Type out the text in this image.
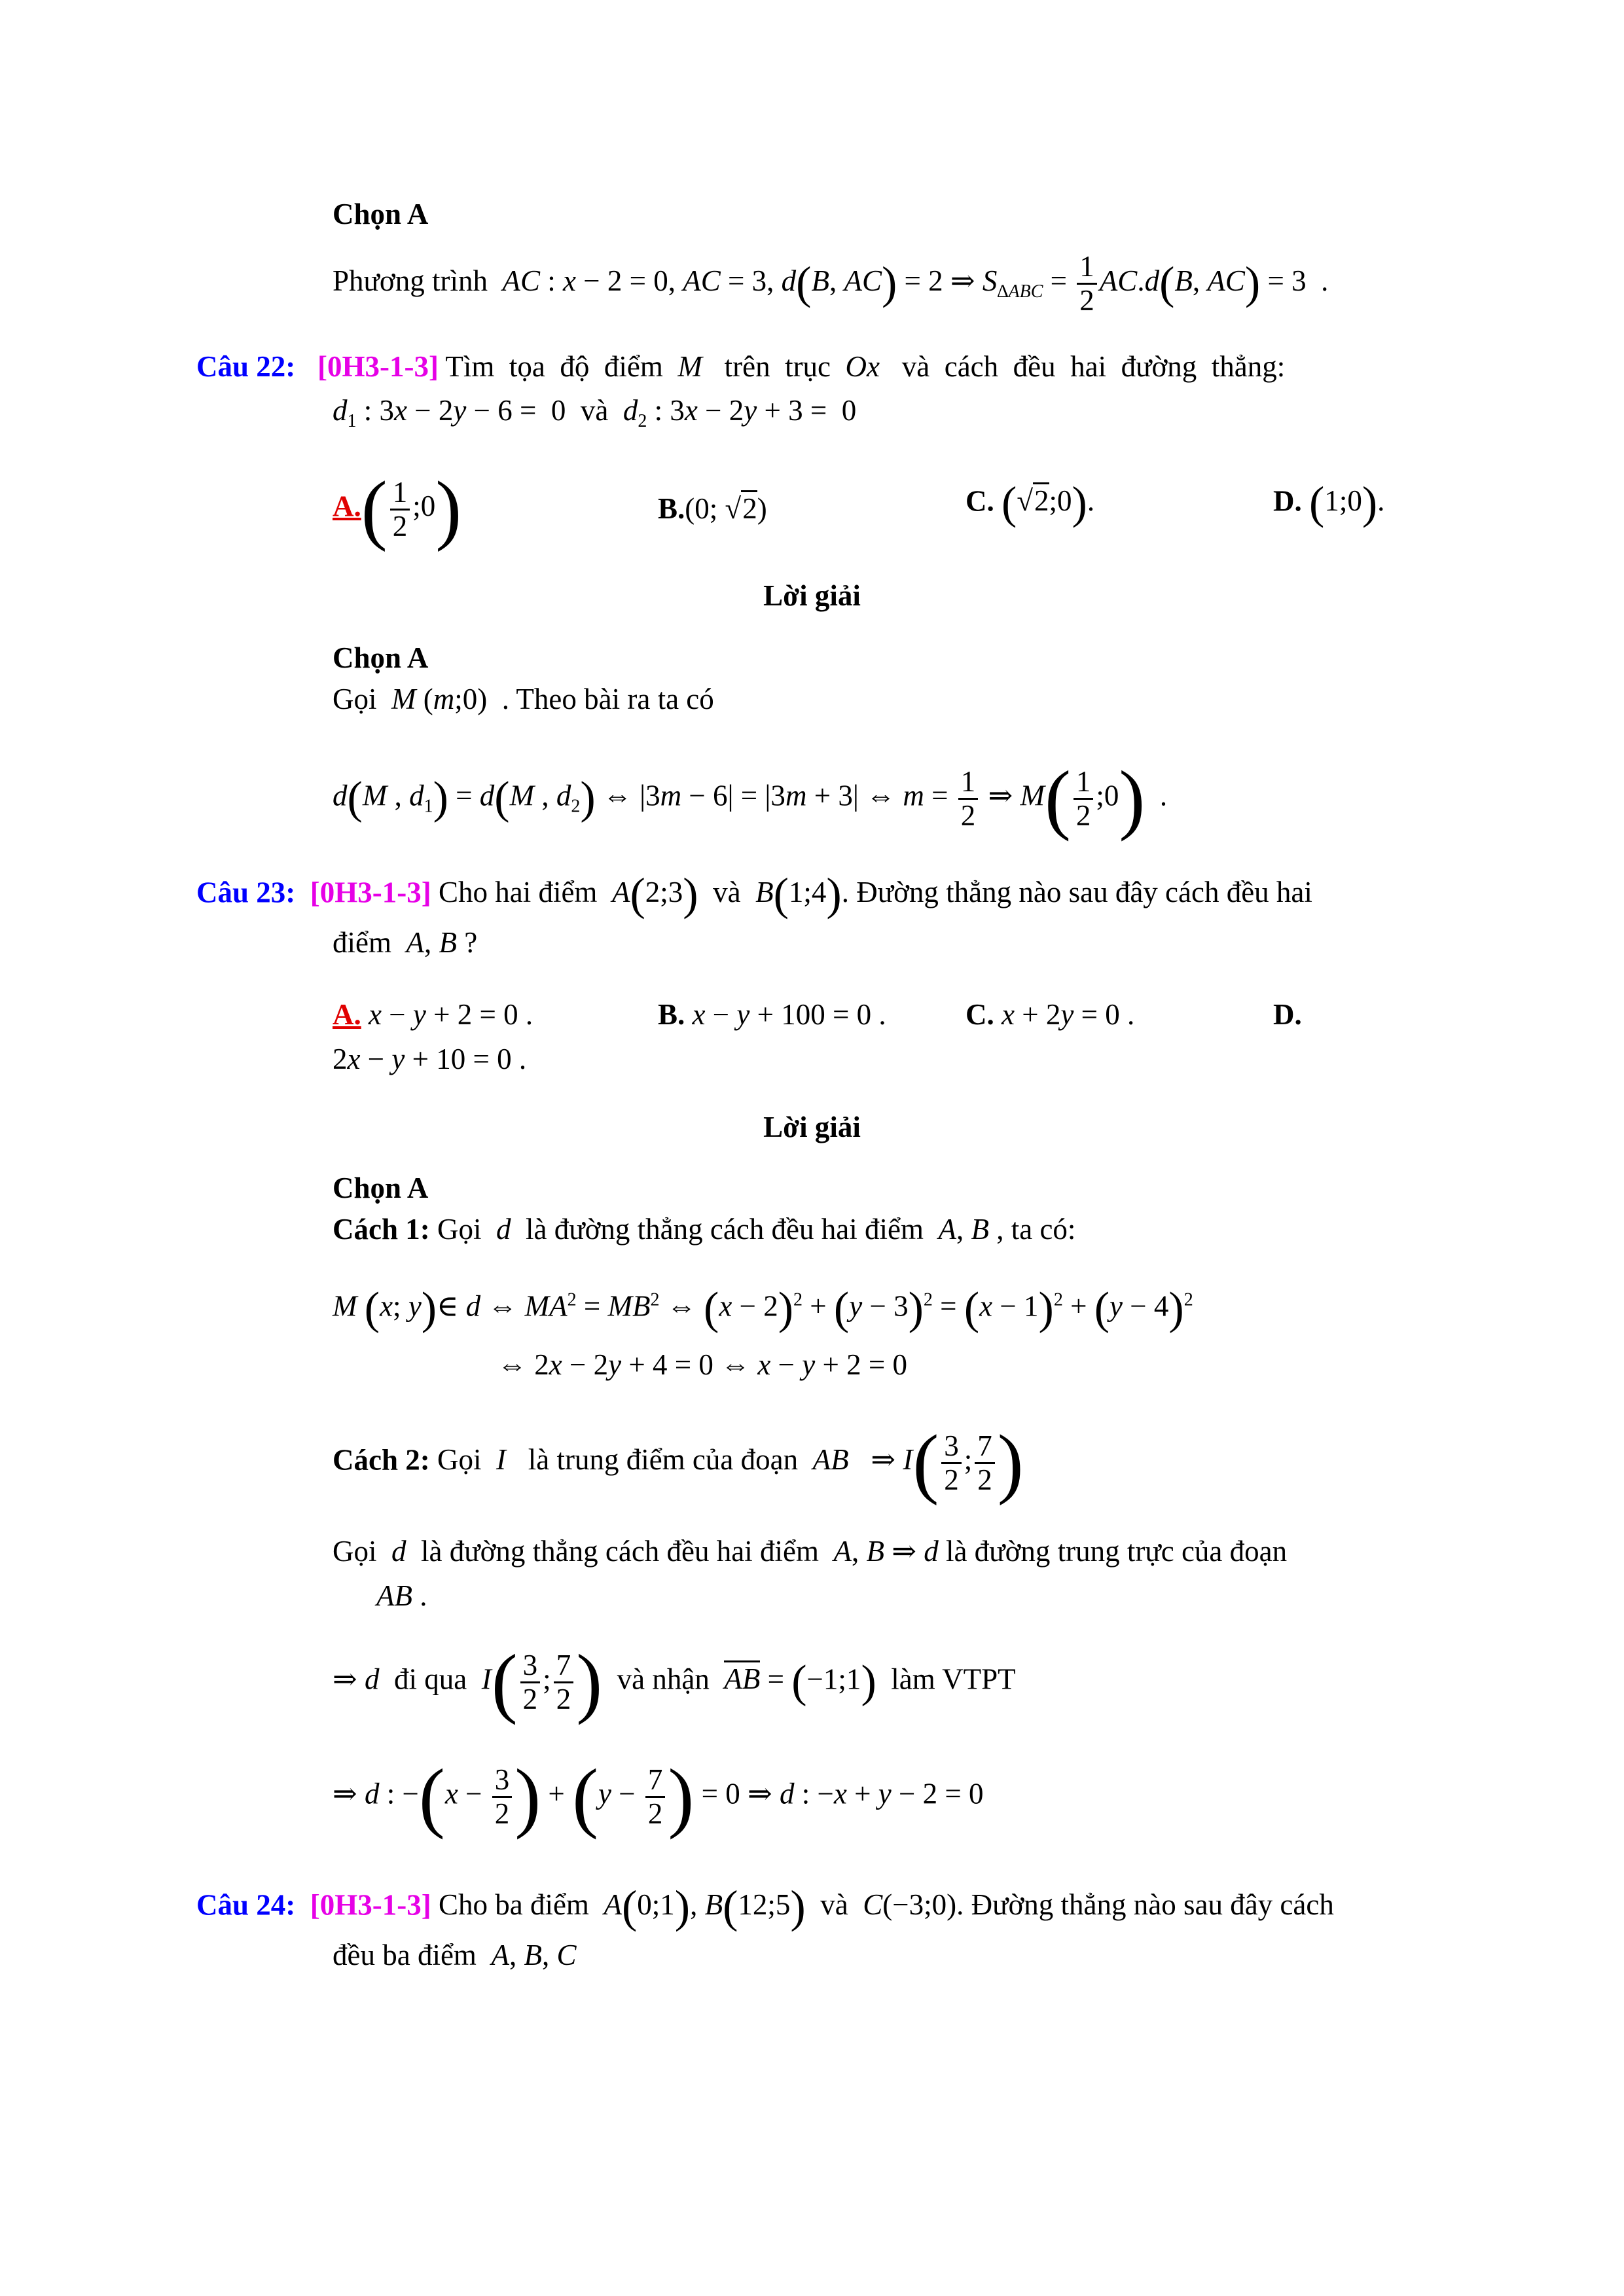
Chọn A
Phương trình  AC : x − 2 = 0, AC = 3, d(B, AC) = 2 ⇒ $S_{\Delta ABC} = \frac{1}{2} AC.d(B$, AC) = 3  .
Câu 22: [0H3-1-3] Tìm  tọa  độ  điểm  M   trên  trục  Ox   và  cách  đều  hai  đường  thẳng:
$d_1$ : 3x − 2y − 6 =  0  và  $d_2$ : 3x − 2y + 3 =  0
$A.( \frac{1}{2}$ ;0)	B.(0; √2)	C. (√2;0).	D. (1;0).
Lời giải
Chọn A
Gọi  M (m;0)  . Theo bài ra ta có
d(M , $d_1) = d(M$ , $d_2$) ⇔ |3m − 6| = |3m + 3| ⇔ $m = \frac{1}{2}$ ⇒ $M( \frac{1}{2}$ ;0)  .
Câu 23: [0H3-1-3] Cho hai điểm  A(2;3)  và  B(1;4). Đường thẳng nào sau đây cách đều hai
điểm  A, B ?
A. x − y + 2 = 0 .	B. x − y + 100 = 0 .	C. x + 2y = 0 .	D.
2x − y + 10 = 0 .
Lời giải
Chọn A
Cách 1: Gọi  d  là đường thẳng cách đều hai điểm  A, B , ta có:
M (x; y)∈ d ⇔ $MA^2 = MB^2$ ⇔ $(x - 2)^2 + (y - 3)^2 = (x - 1)^2 + (y - 4)^2$
⇔ 2x − 2y + 4 = 0 ⇔ x − y + 2 = 0
Cách 2: Gọi  I   là trung điểm của đoạn  AB   ⇒ $I( \frac{3}{2}$ ; $\frac{7}{2}$ )
Gọi  d  là đường thẳng cách đều hai điểm  A, B ⇒ d là đường trung trực của đoạn
AB .
⇒ d  đi qua  $I( \frac{3}{2}$ ; $\frac{7}{2}$ )  và nhận  AB = (−1;1)  làm VTPT
⇒ d : $-(x - \frac{3}{2}$ ) + ($y - \frac{7}{2}$ ) = 0 ⇒ d : −x + y − 2 = 0
Câu 24: [0H3-1-3] Cho ba điểm  A(0;1), B(12;5)  và  C(−3;0). Đường thẳng nào sau đây cách
đều ba điểm  A, B, C
